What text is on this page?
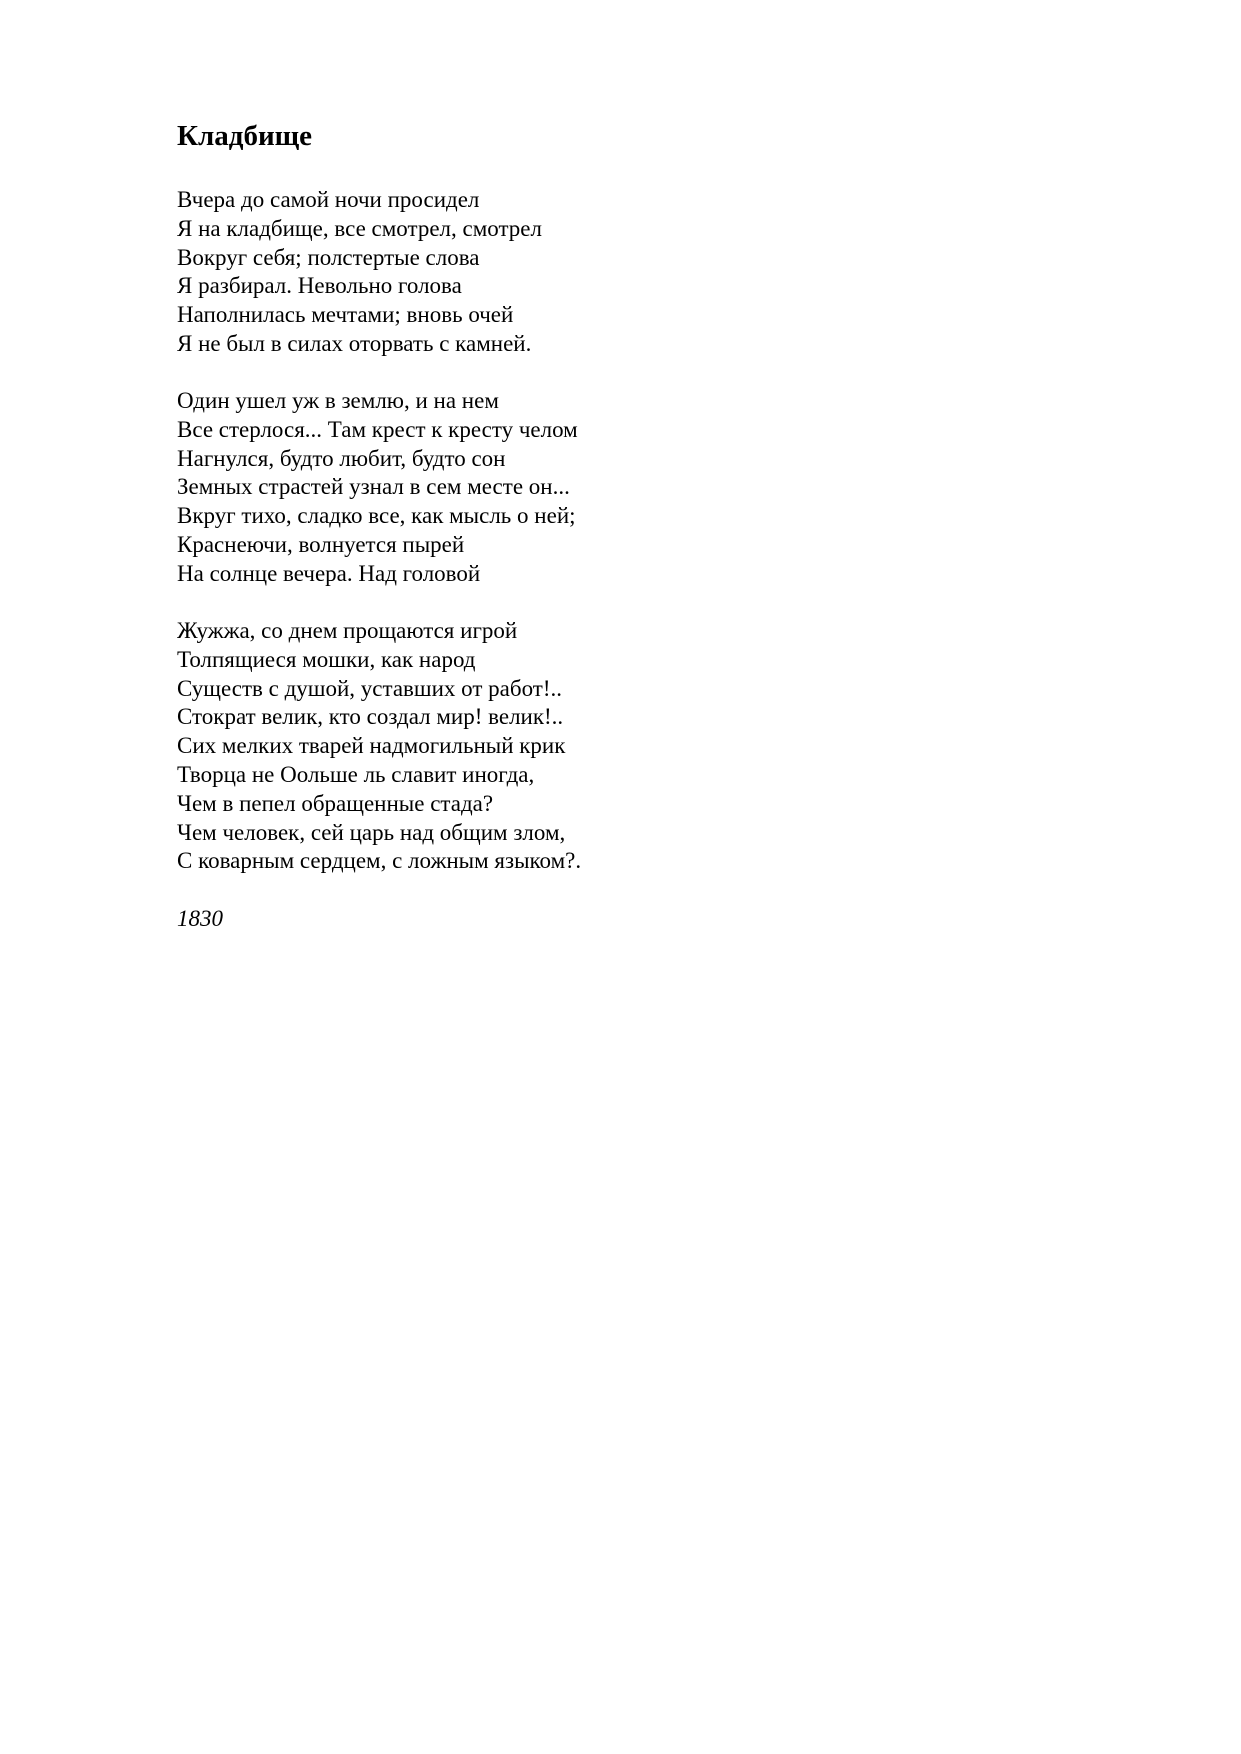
Кладбище
Вчера до самой ночи просидел
Я на кладбище, все смотрел, смотрел
Вокруг себя; полстертые слова
Я разбирал. Невольно голова
Наполнилась мечтами; вновь очей
Я не был в силах оторвать с камней.
Один ушел уж в землю, и на нем
Все стерлося... Там крест к кресту челом
Нагнулся, будто любит, будто сон
Земных страстей узнал в сем месте он...
Вкруг тихо, сладко все, как мысль о ней;
Краснеючи, волнуется пырей
На солнце вечера. Над головой
Жужжа, со днем прощаются игрой
Толпящиеся мошки, как народ
Существ с душой, уставших от работ!..
Стократ велик, кто создал мир! велик!..
Сих мелких тварей надмогильный крик
Творца не Оольше ль славит иногда,
Чем в пепел обращенные стада?
Чем человек, сей царь над общим злом,
С коварным сердцем, с ложным языком?.

1830
